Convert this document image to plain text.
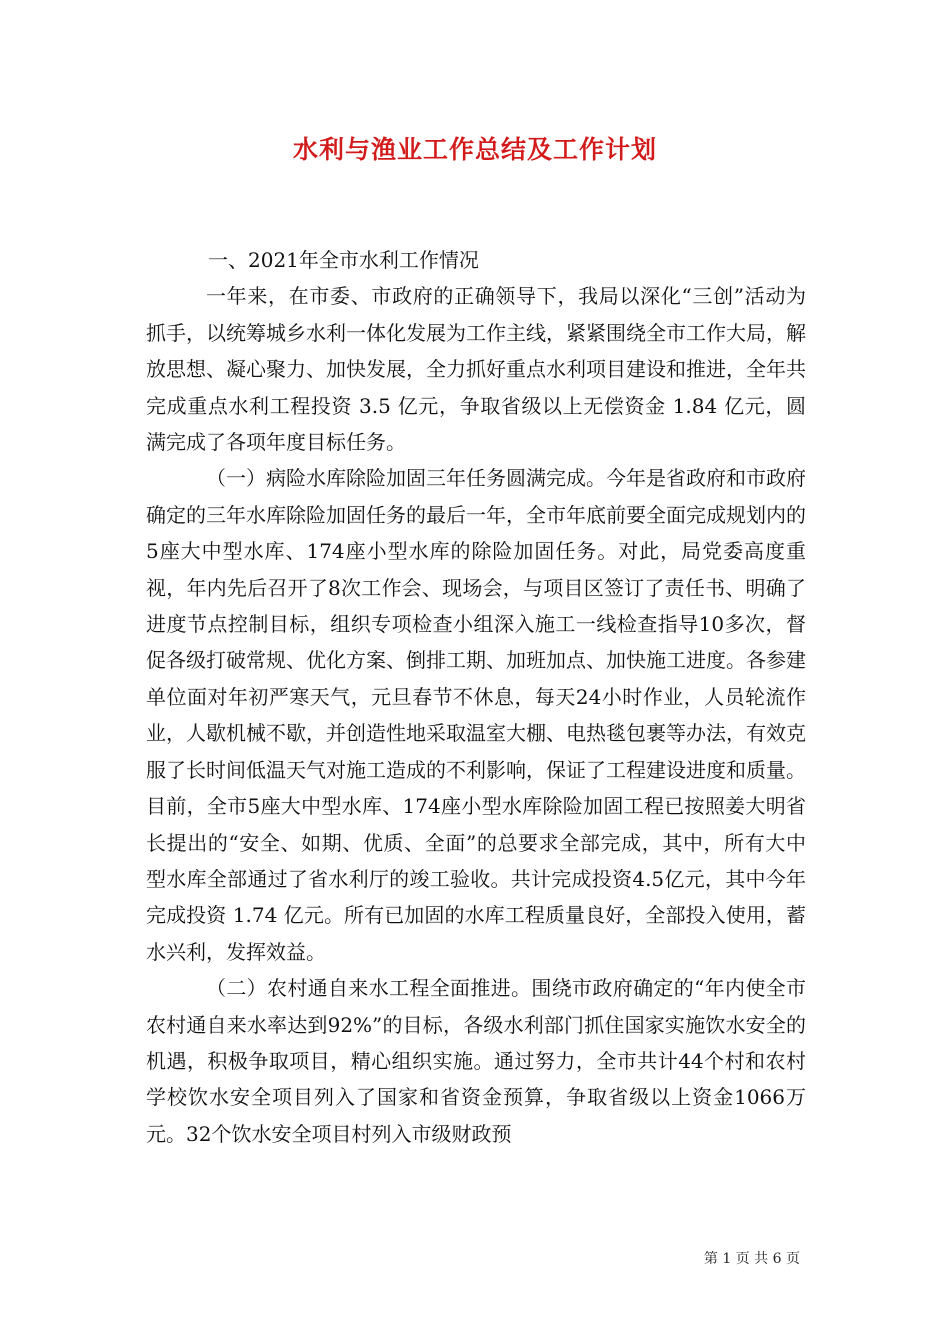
水利与渔业工作总结及工作计划

一、2021年全市水利工作情况

一年来，在市委、市政府的正确领导下，我局以深化“三创”活动为抓手，以统筹城乡水利一体化发展为工作主线，紧紧围绕全市工作大局，解放思想、凝心聚力、加快发展，全力抓好重点水利项目建设和推进，全年共完成重点水利工程投资 3.5 亿元，争取省级以上无偿资金 1.84 亿元，圆满完成了各项年度目标任务。

（一）病险水库除险加固三年任务圆满完成。今年是省政府和市政府确定的三年水库除险加固任务的最后一年，全市年底前要全面完成规划内的5座大中型水库、174座小型水库的除险加固任务。对此，局党委高度重视，年内先后召开了8次工作会、现场会，与项目区签订了责任书、明确了进度节点控制目标，组织专项检查小组深入施工一线检查指导10多次，督促各级打破常规、优化方案、倒排工期、加班加点、加快施工进度。各参建单位面对年初严寒天气，元旦春节不休息，每天24小时作业，人员轮流作业，人歇机械不歇，并创造性地采取温室大棚、电热毯包裹等办法，有效克服了长时间低温天气对施工造成的不利影响，保证了工程建设进度和质量。目前，全市5座大中型水库、174座小型水库除险加固工程已按照姜大明省长提出的“安全、如期、优质、全面”的总要求全部完成，其中，所有大中型水库全部通过了省水利厅的竣工验收。共计完成投资4.5亿元，其中今年完成投资 1.74 亿元。所有已加固的水库工程质量良好，全部投入使用，蓄水兴利，发挥效益。

（二）农村通自来水工程全面推进。围绕市政府确定的“年内使全市农村通自来水率达到92%”的目标，各级水利部门抓住国家实施饮水安全的机遇，积极争取项目，精心组织实施。通过努力，全市共计44个村和农村学校饮水安全项目列入了国家和省资金预算，争取省级以上资金1066万元。32个饮水安全项目村列入市级财政预

第 1 页 共 6 页
